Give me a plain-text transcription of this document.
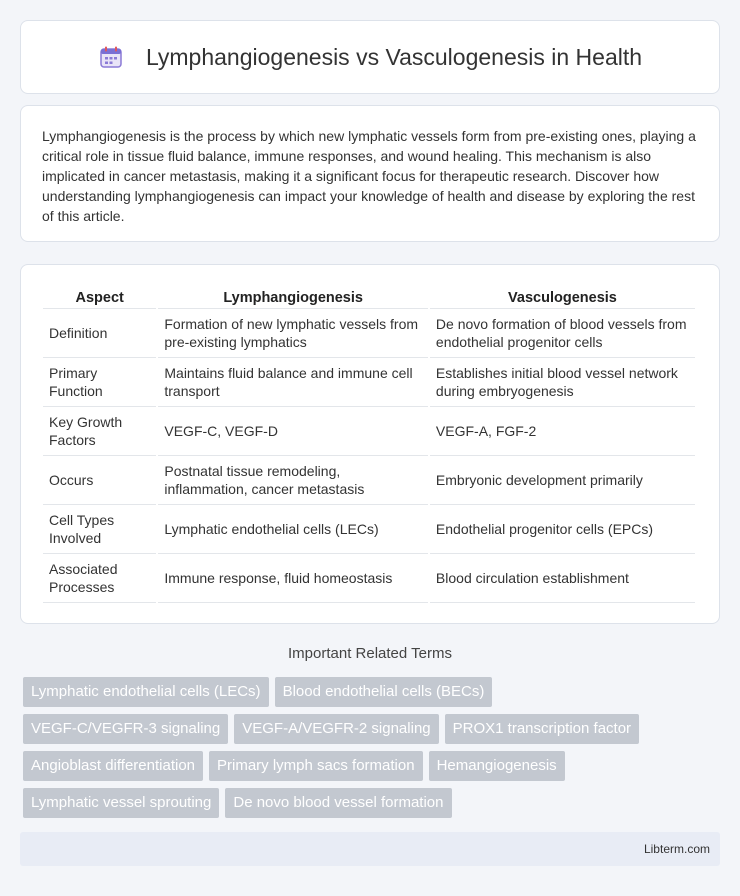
Lymphangiogenesis vs Vasculogenesis in Health

Lymphangiogenesis is the process by which new lymphatic vessels form from pre-existing ones, playing a critical role in tissue fluid balance, immune responses, and wound healing. This mechanism is also implicated in cancer metastasis, making it a significant focus for therapeutic research. Discover how understanding lymphangiogenesis can impact your knowledge of health and disease by exploring the rest of this article.

Aspect	Lymphangiogenesis	Vasculogenesis
Definition	Formation of new lymphatic vessels from pre-existing lymphatics	De novo formation of blood vessels from endothelial progenitor cells
Primary Function	Maintains fluid balance and immune cell transport	Establishes initial blood vessel network during embryogenesis
Key Growth Factors	VEGF-C, VEGF-D	VEGF-A, FGF-2
Occurs	Postnatal tissue remodeling, inflammation, cancer metastasis	Embryonic development primarily
Cell Types Involved	Lymphatic endothelial cells (LECs)	Endothelial progenitor cells (EPCs)
Associated Processes	Immune response, fluid homeostasis	Blood circulation establishment
Important Related Terms
Lymphatic endothelial cells (LECs)	Blood endothelial cells (BECs)
VEGF-C/VEGFR-3 signaling	VEGF-A/VEGFR-2 signaling	PROX1 transcription factor
Angioblast differentiation	Primary lymph sacs formation	Hemangiogenesis
Lymphatic vessel sprouting	De novo blood vessel formation
Libterm.com
